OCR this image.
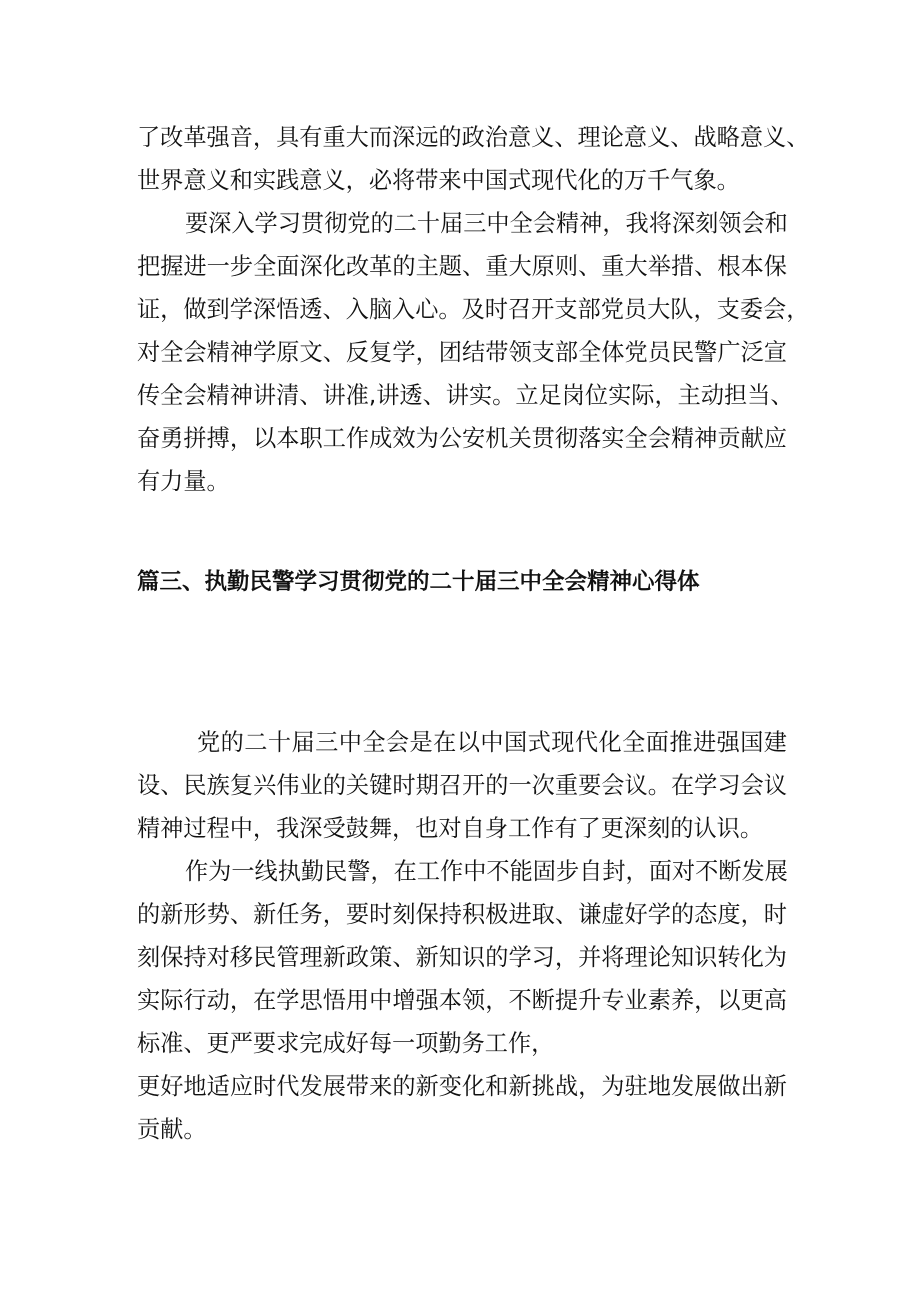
了改革强音，具有重大而深远的政治意义、理论意义、战略意义、
世界意义和实践意义，必将带来中国式现代化的万千气象。
要深入学习贯彻党的二十届三中全会精神，我将深刻领会和
把握进一步全面深化改革的主题、重大原则、重大举措、根本保
证，做到学深悟透、入脑入心。及时召开支部党员大队，支委会，
对全会精神学原文、反复学，团结带领支部全体党员民警广泛宣
传全会精神讲清、讲准,讲透、讲实。立足岗位实际，主动担当、
奋勇拼搏，以本职工作成效为公安机关贯彻落实全会精神贡献应
有力量。
篇三、执勤民警学习贯彻党的二十届三中全会精神心得体
党的二十届三中全会是在以中国式现代化全面推进强国建
设、民族复兴伟业的关键时期召开的一次重要会议。在学习会议
精神过程中，我深受鼓舞，也对自身工作有了更深刻的认识。
作为一线执勤民警，在工作中不能固步自封，面对不断发展
的新形势、新任务，要时刻保持积极进取、谦虚好学的态度，时
刻保持对移民管理新政策、新知识的学习，并将理论知识转化为
实际行动，在学思悟用中增强本领，不断提升专业素养，以更高
标准、更严要求完成好每一项勤务工作，
更好地适应时代发展带来的新变化和新挑战，为驻地发展做出新
贡献。
